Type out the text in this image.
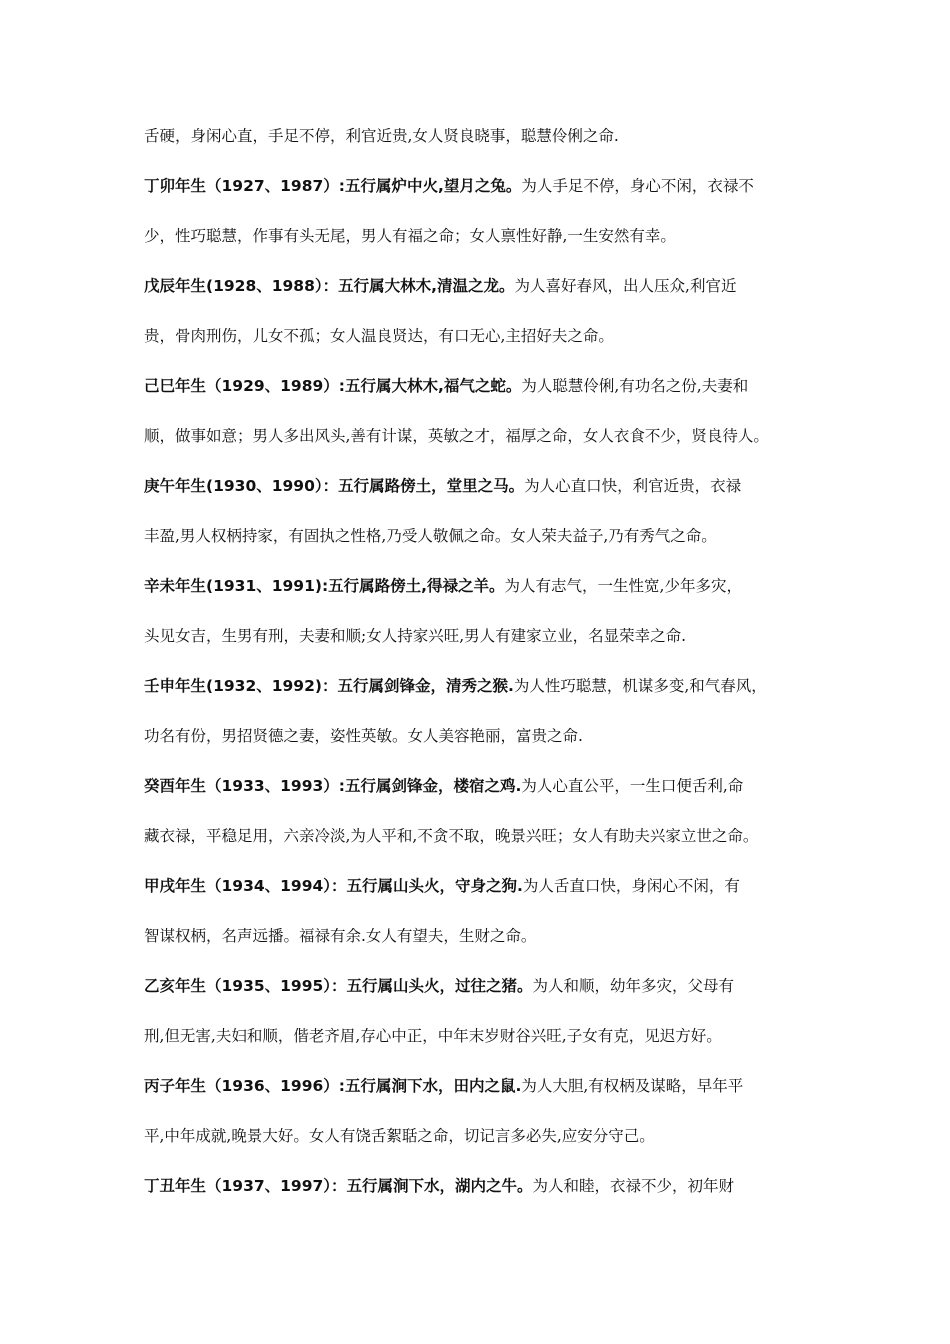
舌硬，身闲心直，手足不停，利官近贵,女人贤良晓事，聪慧伶俐之命.
丁卯年生（1927、1987）:五行属炉中火,望月之兔。为人手足不停，身心不闲，衣禄不
少，性巧聪慧，作事有头无尾，男人有福之命；女人禀性好静,一生安然有幸。
戊辰年生(1928、1988）：五行属大林木,清温之龙。为人喜好春风，出人压众,利官近
贵，骨肉刑伤，儿女不孤；女人温良贤达，有口无心,主招好夫之命。
己巳年生（1929、1989）:五行属大林木,福气之蛇。为人聪慧伶俐,有功名之份,夫妻和
顺，做事如意；男人多出风头,善有计谋，英敏之才，福厚之命，女人衣食不少，贤良待人。
庚午年生(1930、1990）：五行属路傍土，堂里之马。为人心直口快，利官近贵，衣禄
丰盈,男人权柄持家，有固执之性格,乃受人敬佩之命。女人荣夫益子,乃有秀气之命。
辛未年生(1931、1991):五行属路傍土,得禄之羊。为人有志气，一生性宽,少年多灾，
头见女吉，生男有刑，夫妻和顺;女人持家兴旺,男人有建家立业，名显荣幸之命.
壬申年生(1932、1992)：五行属剑锋金，清秀之猴.为人性巧聪慧，机谋多变,和气春风，
功名有份，男招贤德之妻，姿性英敏。女人美容艳丽，富贵之命.
癸酉年生（1933、1993）:五行属剑锋金，楼宿之鸡.为人心直公平，一生口便舌利,命
藏衣禄，平稳足用，六亲冷淡,为人平和,不贪不取，晚景兴旺；女人有助夫兴家立世之命。
甲戌年生（1934、1994）：五行属山头火，守身之狗.为人舌直口快，身闲心不闲，有
智谋权柄，名声远播。福禄有余.女人有望夫，生财之命。
乙亥年生（1935、1995）：五行属山头火，过往之猪。为人和顺，幼年多灾，父母有
刑,但无害,夫妇和顺，偕老齐眉,存心中正，中年末岁财谷兴旺,子女有克，见迟方好。
丙子年生（1936、1996）:五行属涧下水，田内之鼠.为人大胆,有权柄及谋略，早年平
平,中年成就,晚景大好。女人有饶舌絮聒之命，切记言多必失,应安分守己。
丁丑年生（1937、1997）：五行属涧下水，湖内之牛。为人和睦，衣禄不少，初年财
